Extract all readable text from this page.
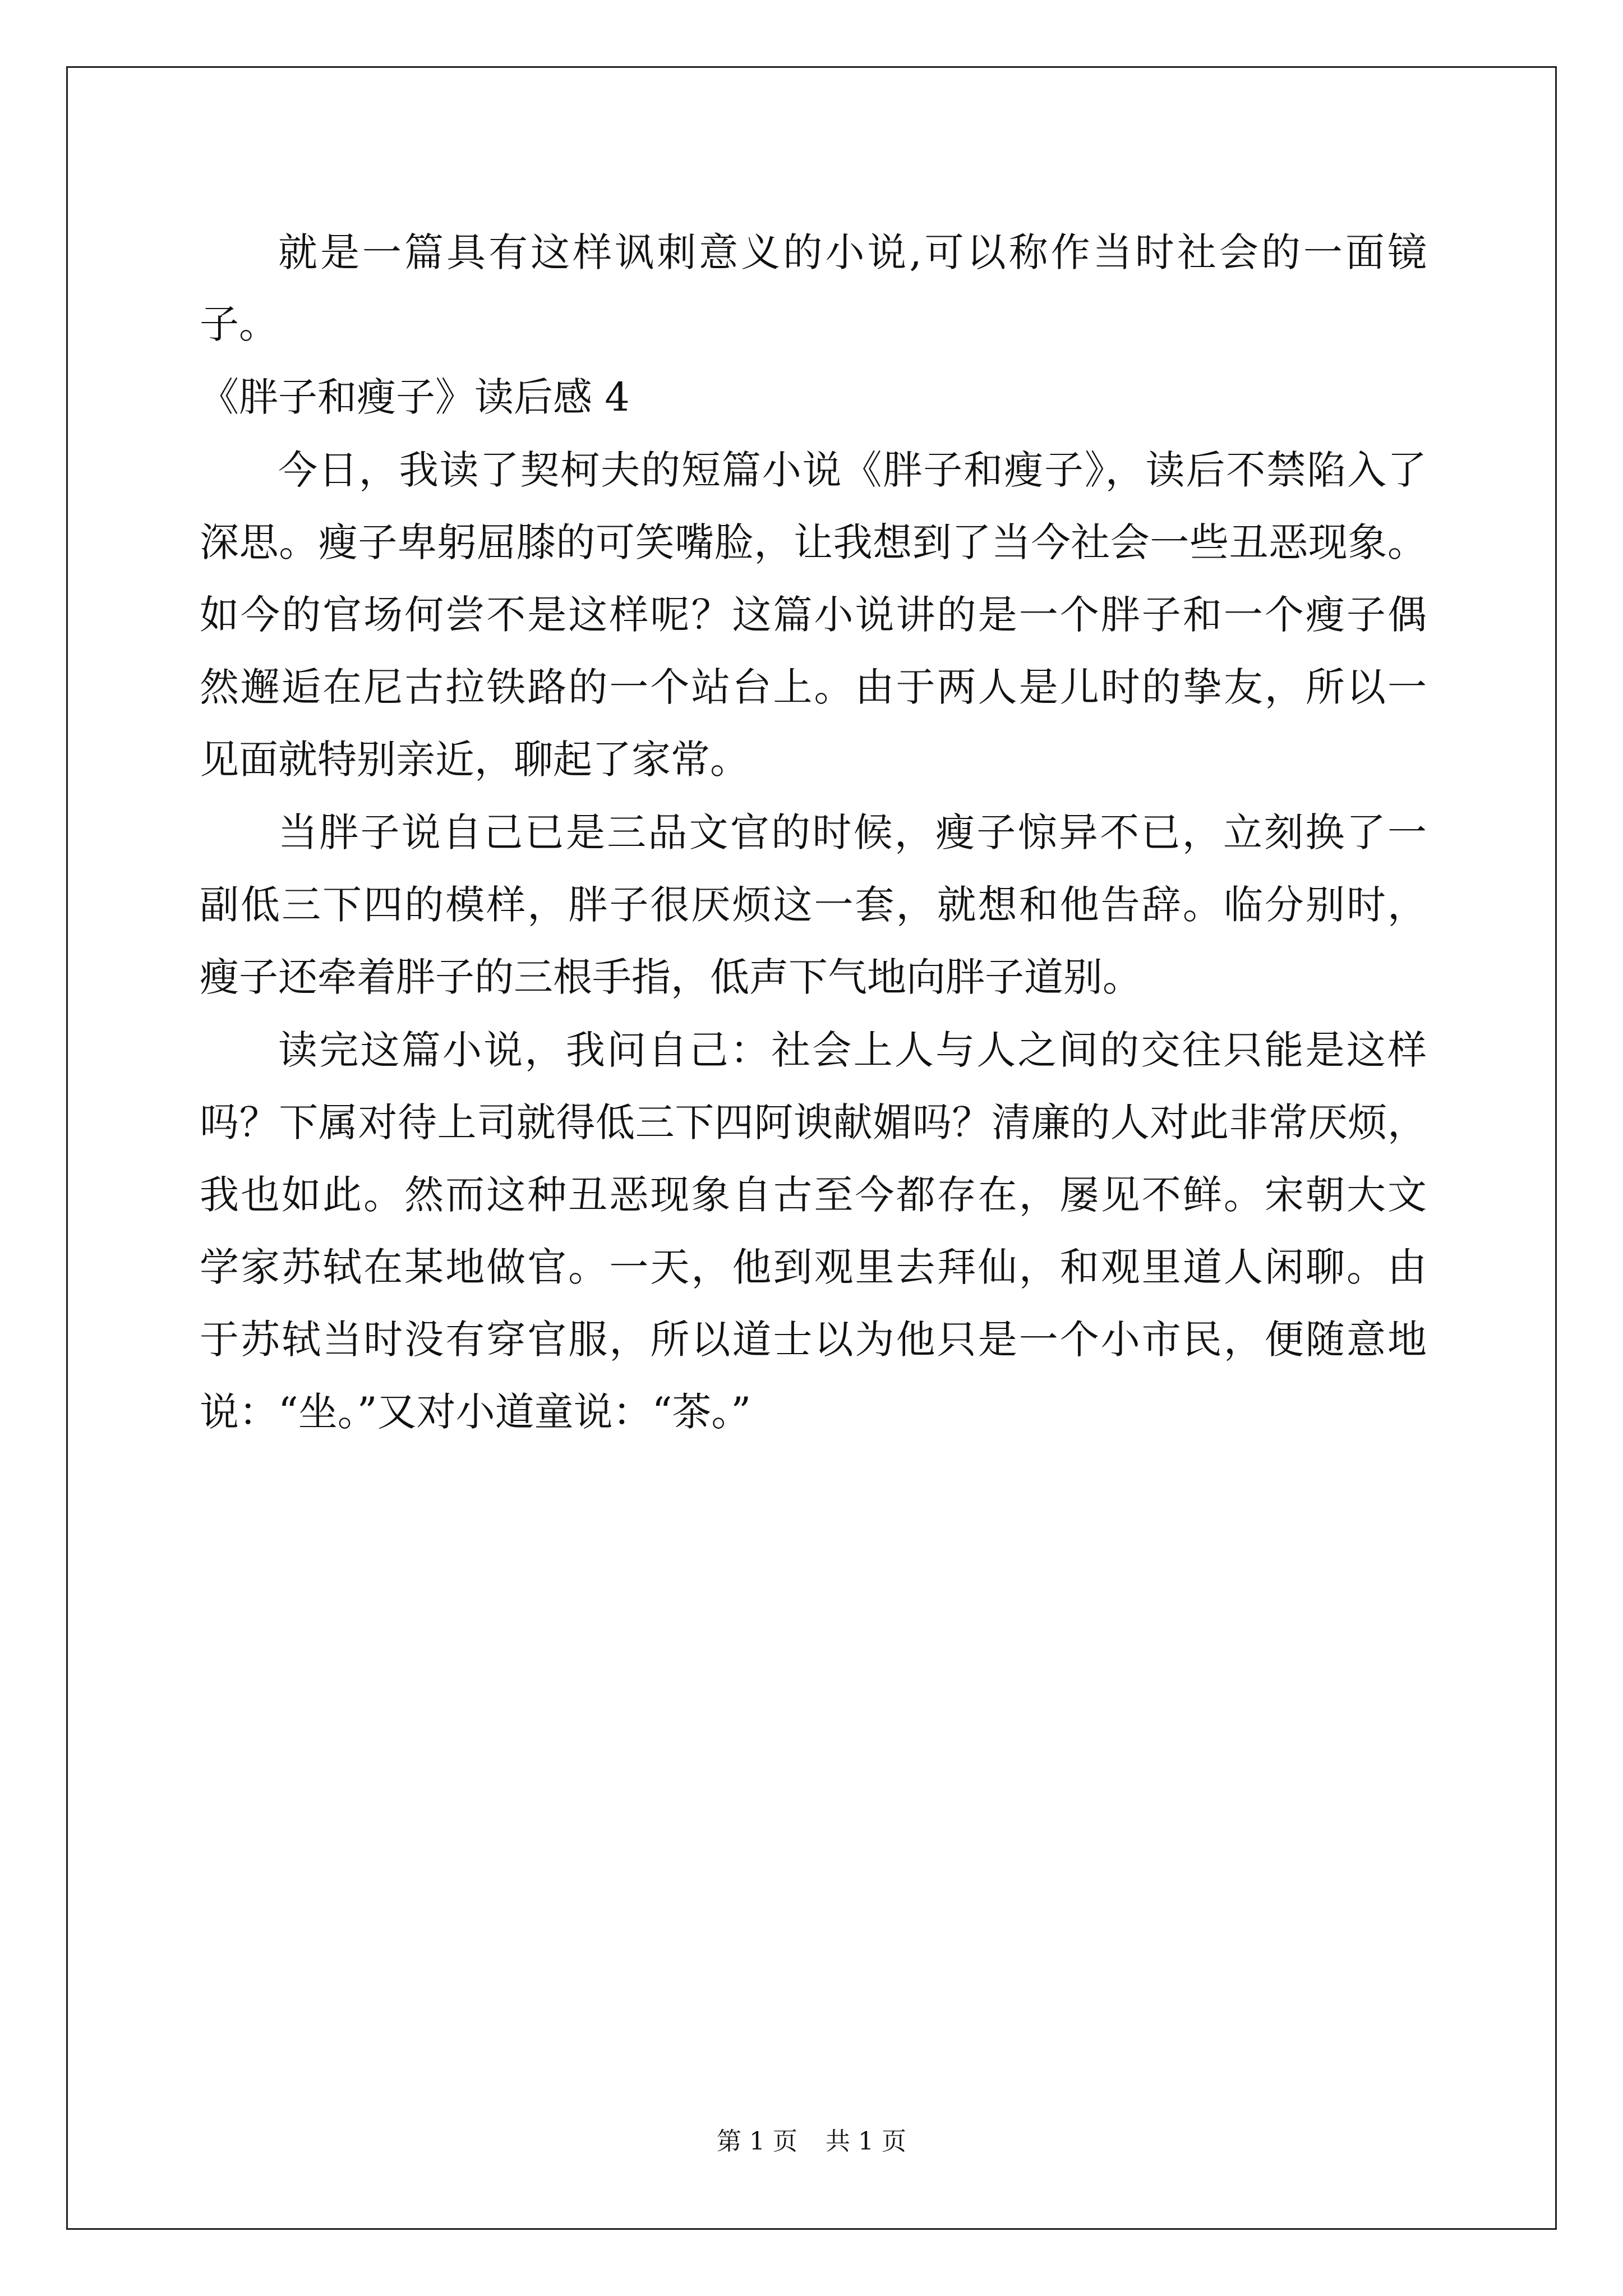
就是一篇具有这样讽刺意义的小说,可以称作当时社会的一面镜
子。
《胖子和瘦子》读后感 4
今日，我读了契柯夫的短篇小说《胖子和瘦子》，读后不禁陷入了
深思。瘦子卑躬屈膝的可笑嘴脸，让我想到了当今社会一些丑恶现象。
如今的官场何尝不是这样呢？这篇小说讲的是一个胖子和一个瘦子偶
然邂逅在尼古拉铁路的一个站台上。由于两人是儿时的挚友，所以一
见面就特别亲近，聊起了家常。
当胖子说自己已是三品文官的时候，瘦子惊异不已，立刻换了一
副低三下四的模样，胖子很厌烦这一套，就想和他告辞。临分别时，
瘦子还牵着胖子的三根手指，低声下气地向胖子道别。
读完这篇小说，我问自己：社会上人与人之间的交往只能是这样
吗？下属对待上司就得低三下四阿谀献媚吗？清廉的人对此非常厌烦，
我也如此。然而这种丑恶现象自古至今都存在，屡见不鲜。宋朝大文
学家苏轼在某地做官。一天，他到观里去拜仙，和观里道人闲聊。由
于苏轼当时没有穿官服，所以道士以为他只是一个小市民，便随意地
说：“坐。”又对小道童说：“茶。”
第 1 页 共 1 页
